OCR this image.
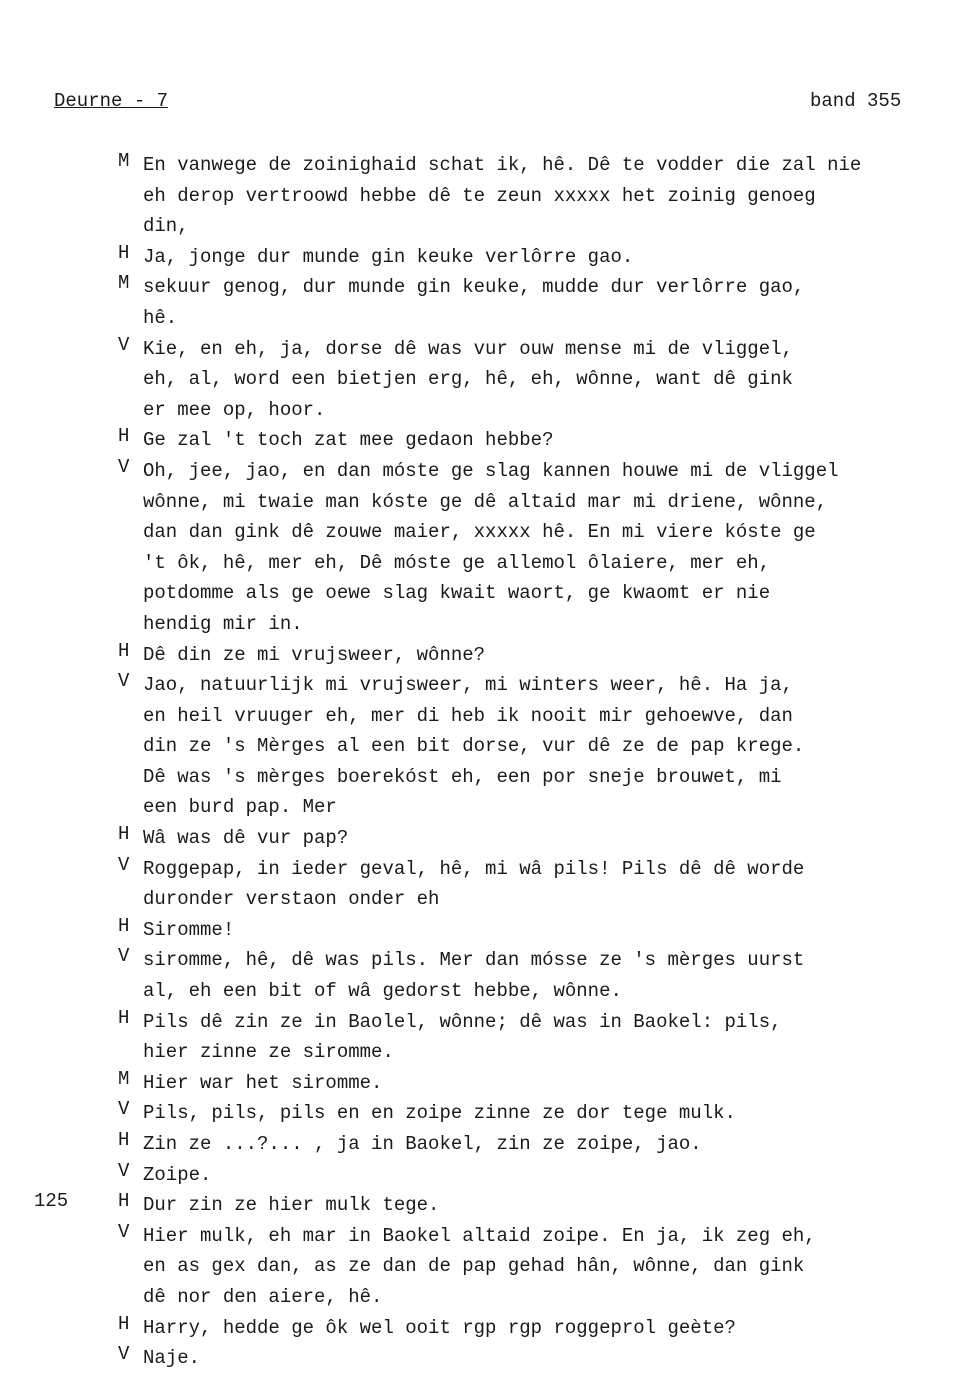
Deurne - 7	band 355
M En vanwege de zoinighaid schat ik, hê. Dê te vodder die zal nie
eh derop vertroowd hebbe dê te zeun xxxxx het zoinig genoeg
din,
H Ja, jonge dur munde gin keuke verlôrre gao.
M sekuur genog, dur munde gin keuke, mudde dur verlôrre gao,
hê.
V Kie, en eh, ja, dorse dê was vur ouw mense mi de vliggel,
eh, al, word een bietjen erg, hê, eh, wônne, want dê gink
er mee op, hoor.
H Ge zal 't toch zat mee gedaon hebbe?
V Oh, jee, jao, en dan móste ge slag kannen houwe mi de vliggel
wônne, mi twaie man kóste ge dê altaid mar mi driene, wônne,
dan dan gink dê zouwe maier, xxxxx hê. En mi viere kóste ge
't ôk, hê, mer eh, Dê móste ge allemol ôlaiere, mer eh,
potdomme als ge oewe slag kwait waort, ge kwaomt er nie
hendig mir in.
H Dê din ze mi vrujsweer, wônne?
V Jao, natuurlijk mi vrujsweer, mi winters weer, hê. Ha ja,
en heil vruuger eh, mer di heb ik nooit mir gehoewve, dan
din ze 's Mèrges al een bit dorse, vur dê ze de pap krege.
Dê was 's mèrges boerekóst eh, een por sneje brouwet, mi
een burd pap. Mer
H Wâ was dê vur pap?
V Roggepap, in ieder geval, hê, mi wâ pils! Pils dê dê worde
duronder verstaon onder eh
H Siromme!
V siromme, hê, dê was pils. Mer dan mósse ze 's mèrges uurst
al, eh een bit of wâ gedorst hebbe, wônne.
H Pils dê zin ze in Baolel, wônne; dê was in Baokel: pils,
hier zinne ze siromme.
M Hier war het siromme.
V Pils, pils, pils en en zoipe zinne ze dor tege mulk.
H Zin ze ...?... , ja in Baokel, zin ze zoipe, jao.
V Zoipe.
125	H Dur zin ze hier mulk tege.
V Hier mulk, eh mar in Baokel altaid zoipe. En ja, ik zeg eh,
en as gex dan, as ze dan de pap gehad hân, wônne, dan gink
dê nor den aiere, hê.
H Harry, hedde ge ôk wel ooit rgp rgp roggeprol geète?
V Naje.
